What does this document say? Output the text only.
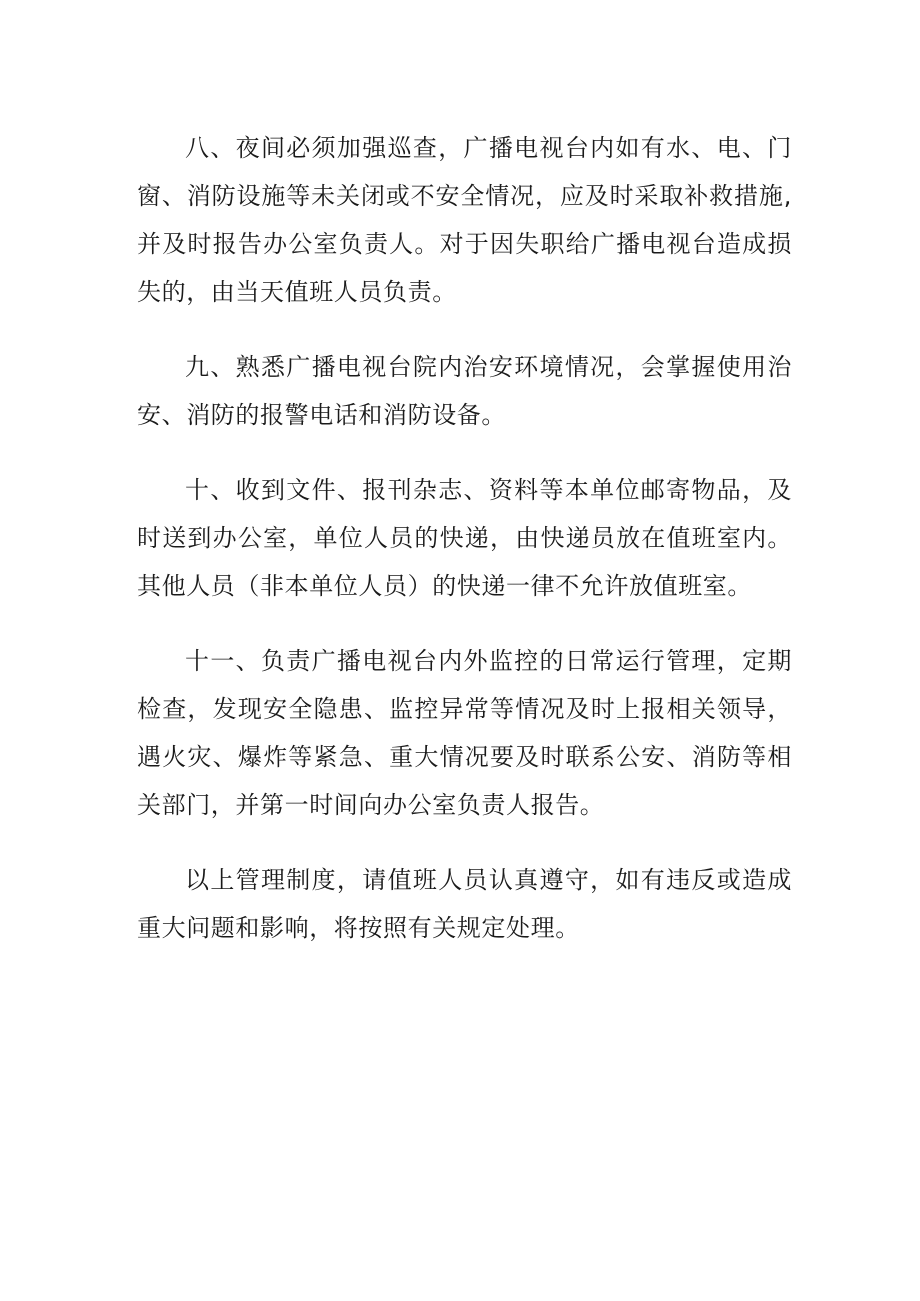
八、夜间必须加强巡查，广播电视台内如有水、电、门窗、消防设施等未关闭或不安全情况，应及时采取补救措施,并及时报告办公室负责人。对于因失职给广播电视台造成损失的，由当天值班人员负责。

九、熟悉广播电视台院内治安环境情况，会掌握使用治安、消防的报警电话和消防设备。

十、收到文件、报刊杂志、资料等本单位邮寄物品，及时送到办公室，单位人员的快递，由快递员放在值班室内。其他人员（非本单位人员）的快递一律不允许放值班室。

十一、负责广播电视台内外监控的日常运行管理，定期检查，发现安全隐患、监控异常等情况及时上报相关领导，遇火灾、爆炸等紧急、重大情况要及时联系公安、消防等相关部门，并第一时间向办公室负责人报告。

以上管理制度，请值班人员认真遵守，如有违反或造成重大问题和影响，将按照有关规定处理。
